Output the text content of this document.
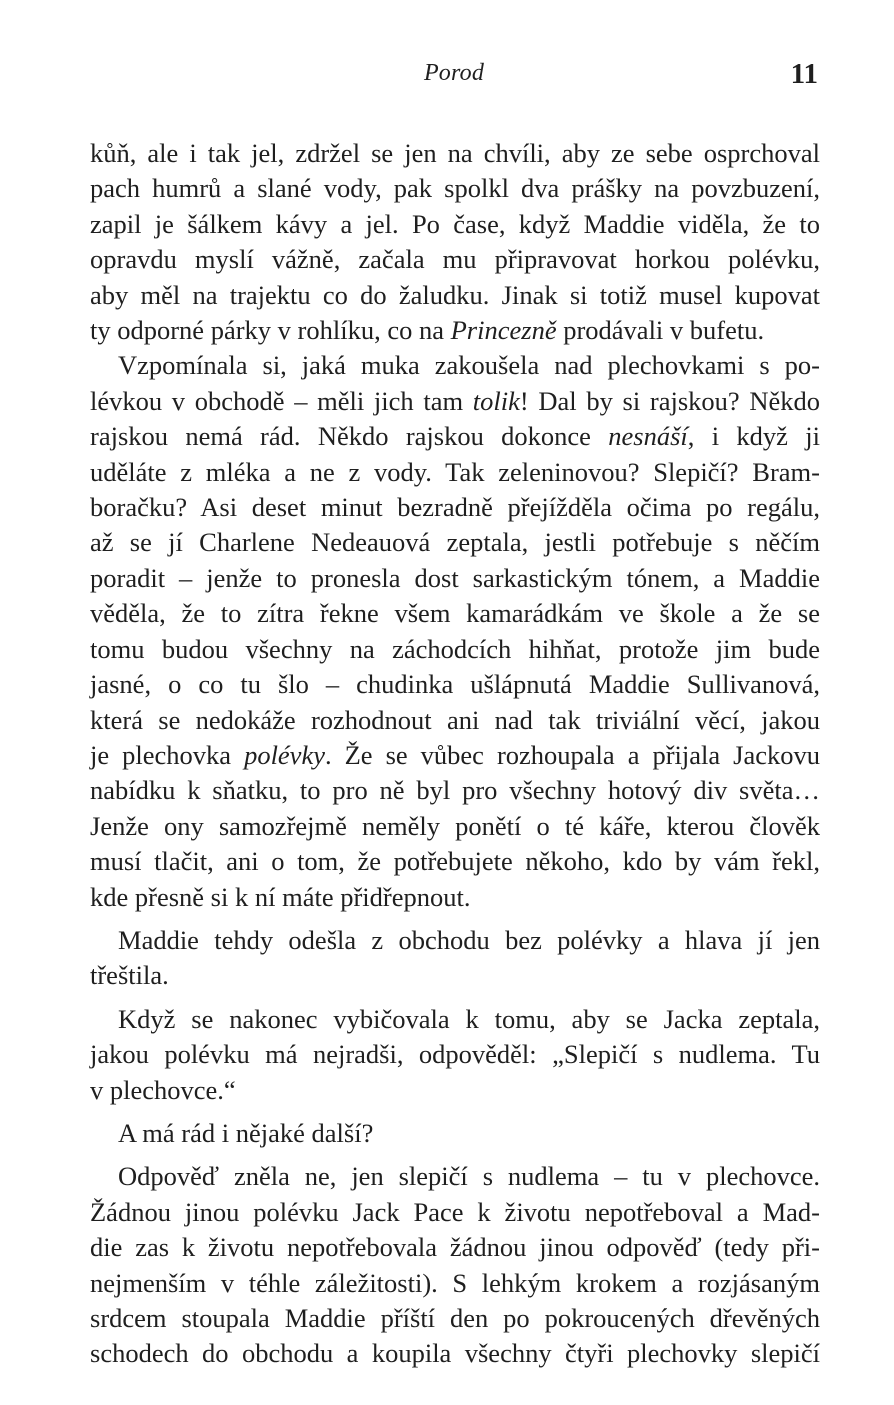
Porod	11

kůň, ale i tak jel, zdržel se jen na chvíli, aby ze sebe osprchoval

pach humrů a slané vody, pak spolkl dva prášky na povzbuzení,

zapil je šálkem kávy a jel. Po čase, když Maddie viděla, že to

opravdu myslí vážně, začala mu připravovat horkou polévku,

aby měl na trajektu co do žaludku. Jinak si totiž musel kupovat

ty odporné párky v rohlíku, co na Princezně prodávali v bufetu.

Vzpomínala si, jaká muka zakoušela nad plechovkami s po-

lévkou v obchodě – měli jich tam tolik! Dal by si rajskou? Někdo

rajskou nemá rád. Někdo rajskou dokonce nesnáší, i když ji

uděláte z mléka a ne z vody. Tak zeleninovou? Slepičí? Bram-

boračku? Asi deset minut bezradně přejížděla očima po regálu,

až se jí Charlene Nedeauová zeptala, jestli potřebuje s něčím

poradit – jenže to pronesla dost sarkastickým tónem, a Maddie

věděla, že to zítra řekne všem kamarádkám ve škole a že se

tomu budou všechny na záchodcích hihňat, protože jim bude

jasné, o co tu šlo – chudinka ušlápnutá Maddie Sullivanová,

která se nedokáže rozhodnout ani nad tak triviální věcí, jakou

je plechovka polévky. Že se vůbec rozhoupala a přijala Jackovu

nabídku k sňatku, to pro ně byl pro všechny hotový div světa…

Jenže ony samozřejmě neměly ponětí o té káře, kterou člověk

musí tlačit, ani o tom, že potřebujete někoho, kdo by vám řekl,

kde přesně si k ní máte přidřepnout.

Maddie tehdy odešla z obchodu bez polévky a hlava jí jen

třeštila.

Když se nakonec vybičovala k tomu, aby se Jacka zeptala,

jakou polévku má nejradši, odpověděl: „Slepičí s nudlema. Tu

v plechovce.“

A má rád i nějaké další?

Odpověď zněla ne, jen slepičí s nudlema – tu v plechovce.

Žádnou jinou polévku Jack Pace k životu nepotřeboval a Mad-

die zas k životu nepotřebovala žádnou jinou odpověď (tedy při-

nejmenším v téhle záležitosti). S lehkým krokem a rozjásaným

srdcem stoupala Maddie příští den po pokroucených dřevěných

schodech do obchodu a koupila všechny čtyři plechovky slepičí
